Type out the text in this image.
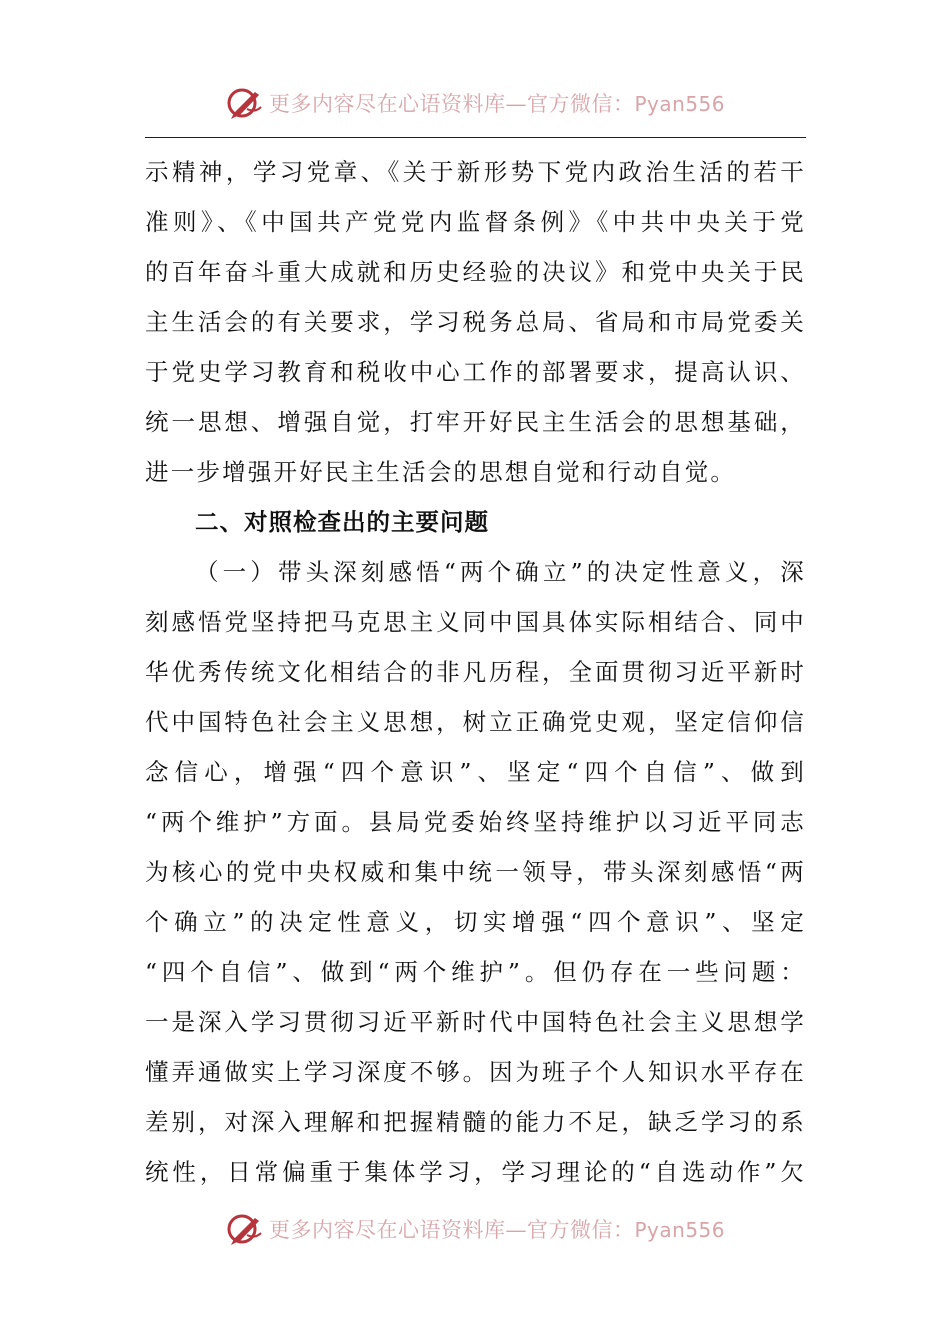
更多内容尽在心语资料库—官方微信：Pyan556
示精神，学习党章、《关于新形势下党内政治生活的若干
准则》、《中国共产党党内监督条例》《中共中央关于党
的百年奋斗重大成就和历史经验的决议》和党中央关于民
主生活会的有关要求，学习税务总局、省局和市局党委关
于党史学习教育和税收中心工作的部署要求，提高认识、
统一思想、增强自觉，打牢开好民主生活会的思想基础，
进一步增强开好民主生活会的思想自觉和行动自觉。
二、对照检查出的主要问题
（一）带头深刻感悟“两个确立”的决定性意义，深
刻感悟党坚持把马克思主义同中国具体实际相结合、同中
华优秀传统文化相结合的非凡历程，全面贯彻习近平新时
代中国特色社会主义思想，树立正确党史观，坚定信仰信
念信心，增强“四个意识”、坚定“四个自信”、做到
“两个维护”方面。县局党委始终坚持维护以习近平同志
为核心的党中央权威和集中统一领导，带头深刻感悟“两
个确立”的决定性意义，切实增强“四个意识”、坚定
“四个自信”、做到“两个维护”。但仍存在一些问题：
一是深入学习贯彻习近平新时代中国特色社会主义思想学
懂弄通做实上学习深度不够。因为班子个人知识水平存在
差别，对深入理解和把握精髓的能力不足，缺乏学习的系
统性，日常偏重于集体学习，学习理论的“自选动作”欠
更多内容尽在心语资料库—官方微信：Pyan556
